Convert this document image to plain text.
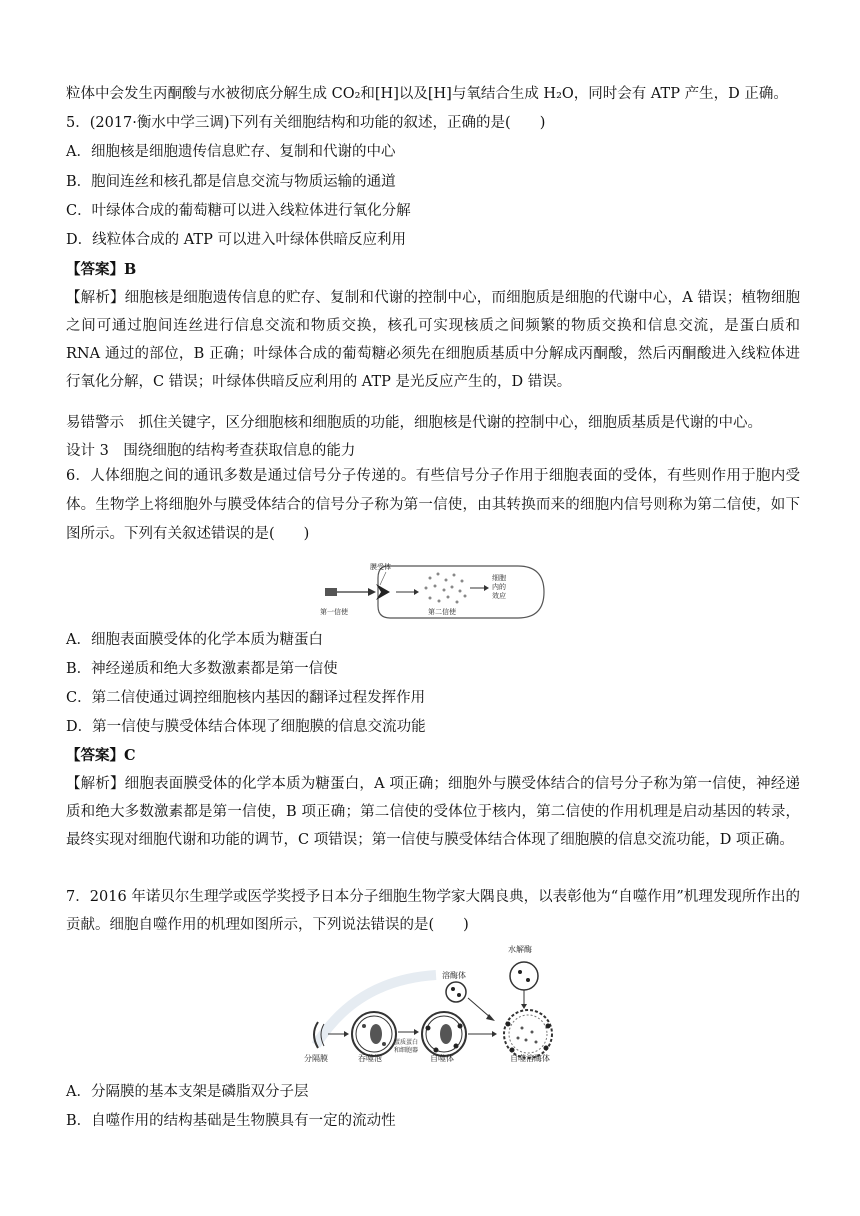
粒体中会发生丙酮酸与水被彻底分解生成 CO₂和[H]以及[H]与氧结合生成 H₂O，同时会有 ATP 产生，D 正确。
5．(2017·衡水中学三调)下列有关细胞结构和功能的叙述，正确的是(　　)
A．细胞核是细胞遗传信息贮存、复制和代谢的中心
B．胞间连丝和核孔都是信息交流与物质运输的通道
C．叶绿体合成的葡萄糖可以进入线粒体进行氧化分解
D．线粒体合成的 ATP 可以进入叶绿体供暗反应利用
【答案】B
【解析】细胞核是细胞遗传信息的贮存、复制和代谢的控制中心，而细胞质是细胞的代谢中心，A 错误；植物细胞之间可通过胞间连丝进行信息交流和物质交换，核孔可实现核质之间频繁的物质交换和信息交流，是蛋白质和 RNA 通过的部位，B 正确；叶绿体合成的葡萄糖必须先在细胞质基质中分解成丙酮酸，然后丙酮酸进入线粒体进行氧化分解，C 错误；叶绿体供暗反应利用的 ATP 是光反应产生的，D 错误。
易错警示　抓住关键字，区分细胞核和细胞质的功能，细胞核是代谢的控制中心，细胞质基质是代谢的中心。
设计 3　围绕细胞的结构考查获取信息的能力
6．人体细胞之间的通讯多数是通过信号分子传递的。有些信号分子作用于细胞表面的受体，有些则作用于胞内受体。生物学上将细胞外与膜受体结合的信号分子称为第一信使，由其转换而来的细胞内信号则称为第二信使，如下图所示。下列有关叙述错误的是(　　)
膜受体
细胞
内的
效应
第一信使	第二信使
A．细胞表面膜受体的化学本质为糖蛋白
B．神经递质和绝大多数激素都是第一信使
C．第二信使通过调控细胞核内基因的翻译过程发挥作用
D．第一信使与膜受体结合体现了细胞膜的信息交流功能
【答案】C
【解析】细胞表面膜受体的化学本质为糖蛋白，A 项正确；细胞外与膜受体结合的信号分子称为第一信使，神经递质和绝大多数激素都是第一信使，B 项正确；第二信使的受体位于核内，第二信使的作用机理是启动基因的转录，最终实现对细胞代谢和功能的调节，C 项错误；第一信使与膜受体结合体现了细胞膜的信息交流功能，D 项正确。
7．2016 年诺贝尔生理学或医学奖授予日本分子细胞生物学家大隅良典，以表彰他为“自噬作用”机理发现所作出的贡献。细胞自噬作用的机理如图所示，下列说法错误的是(　　)
分隔膜	吞噬泡
蛋质蛋白
和细胞器
自噬体
溶酶体
水解酶
自噬溶酶体
A．分隔膜的基本支架是磷脂双分子层
B．自噬作用的结构基础是生物膜具有一定的流动性
